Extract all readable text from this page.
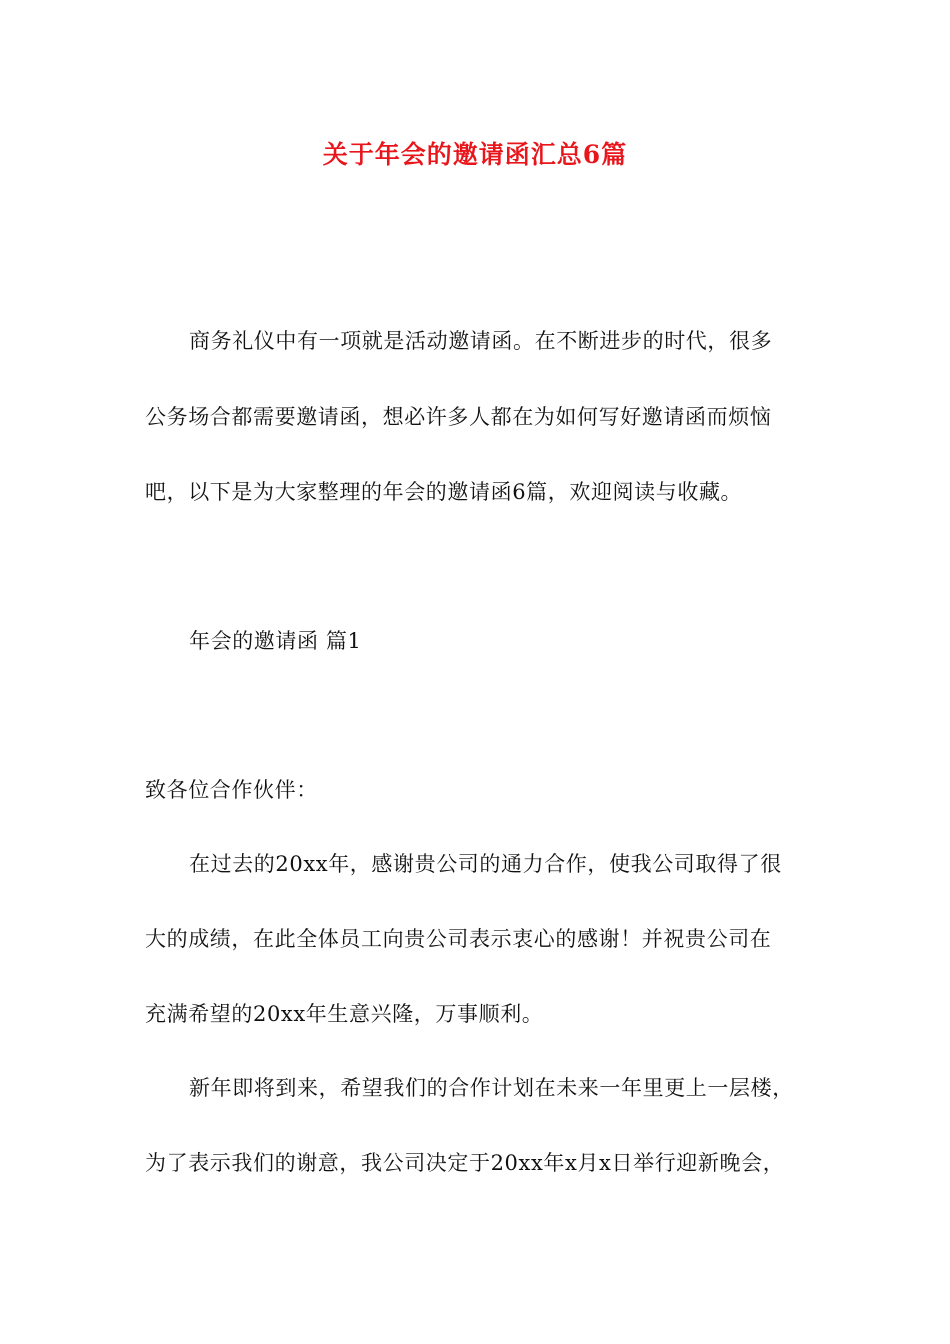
关于年会的邀请函汇总6篇
商务礼仪中有一项就是活动邀请函。在不断进步的时代，很多
公务场合都需要邀请函，想必许多人都在为如何写好邀请函而烦恼
吧，以下是为大家整理的年会的邀请函6篇，欢迎阅读与收藏。
年会的邀请函 篇1
致各位合作伙伴：
在过去的20xx年，感谢贵公司的通力合作，使我公司取得了很
大的成绩，在此全体员工向贵公司表示衷心的感谢！并祝贵公司在
充满希望的20xx年生意兴隆，万事顺利。
新年即将到来，希望我们的合作计划在未来一年里更上一层楼，
为了表示我们的谢意，我公司决定于20xx年x月x日举行迎新晚会，
